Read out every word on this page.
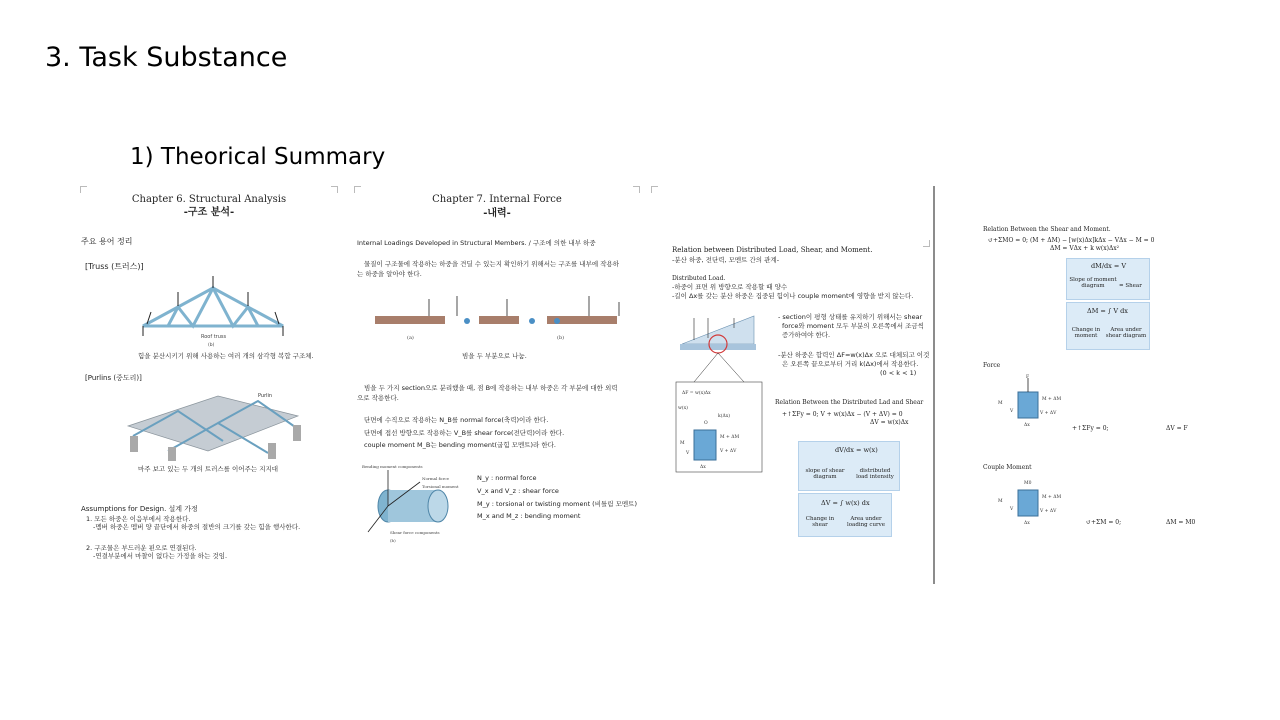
3. Task Substance
1) Theorical Summary
Chapter 6. Structural Analysis
-구조 분석-
주요 용어 정리
[Truss (트러스)]
Roof truss
(b)
힘을 분산시키기 위해 사용하는 여러 개의 삼각형 복합 구조체.
[Purlins (중도리)]
Purlin
마주 보고 있는 두 개의 트러스를 이어주는 지지대
Assumptions for Design. 설계 가정
1. 모든 하중은 이음부에서 작용한다.
-멤버 하중은 멤버 양 끝단에서 하중의 절반의 크기를 갖는 힘을 행사한다.
2. 구조물은 부드러운 핀으로 연결된다.
-연결부분에서 마찰이 없다는 가정을 하는 것임.
Chapter 7. Internal Force
-내력-
Internal Loadings Developed in Structural Members. / 구조에 의한 내부 하중
물질이 구조물에 작용하는 하중을 견딜 수 있는지 확인하기 위해서는 구조를 내부에 작용하
는 하중을 알아야 한다.
(a)	(b)
빔을 두 부분으로 나눔.
빔을 두 가지 section으로 분리했을 때, 점 B에 작용하는 내부 하중은 각 부분에 대한 외력
으로 작용한다.
단면에 수직으로 작용하는 N_B를 normal force(축력)이라 한다.
단면에 접선 방향으로 작용하는 V_B를 shear force(전단력)이라 한다.
couple moment M_B는 bending moment(굽힘 모멘트)라 한다.
Bending moment components
Normal force
Torsional moment
Shear force components
(b)
N_y : normal force
V_x and V_z : shear force
M_y : torsional or twisting moment (비틀림 모멘트)
M_x and M_z : bending moment
Relation between Distributed Load, Shear, and Moment.
-분산 하중, 전단력, 모멘트 간의 관계-
Distributed Load.
-하중이 표면 위 방향으로 작용할 때 양수
-길이 Δx를 갖는 분산 하중은 집중된 힘이나 couple moment에 영향을 받지 않는다.
ΔF = w(x)Δx
w(x)
k(Δx)
M
V
M + ΔM
V + ΔV
Δx
O
- section이 평형 상태를 유지하기 위해서는 shear
force와 moment 모두 부분의 오른쪽에서 조금씩
증가하여야 한다.
-분산 하중은 합력인 ΔF=w(x)Δx 으로 대체되고 이것
은 오른쪽 끝으로부터 거리 k(Δx)에서 작용한다.
(0 < k < 1)
Relation Between the Distributed Lad and Shear
+↑ΣFy = 0; V + w(x)Δx − (V + ΔV) = 0
ΔV = w(x)Δx
dV/dx = w(x)
slope of shear diagram
distributed load intensity
ΔV = ∫ w(x) dx
Change in shear
Area under loading curve
Relation Between the Shear and Moment.
↺+ΣMO = 0; (M + ΔM) − [w(x)Δx]kΔx − VΔx − M = 0
ΔM = VΔx + k w(x)Δx²
dM/dx = V
Slope of moment diagram	= Shear
ΔM = ∫ V dx
Change in moment
Area under shear diagram
Force
F
M
M + ΔM
V	V + ΔV
Δx	+↑ΣFy = 0;	ΔV = F
Couple Moment
M0
M
M + ΔM
V	V + ΔV
Δx
(b)
↺+ΣM = 0;	ΔM = M0
